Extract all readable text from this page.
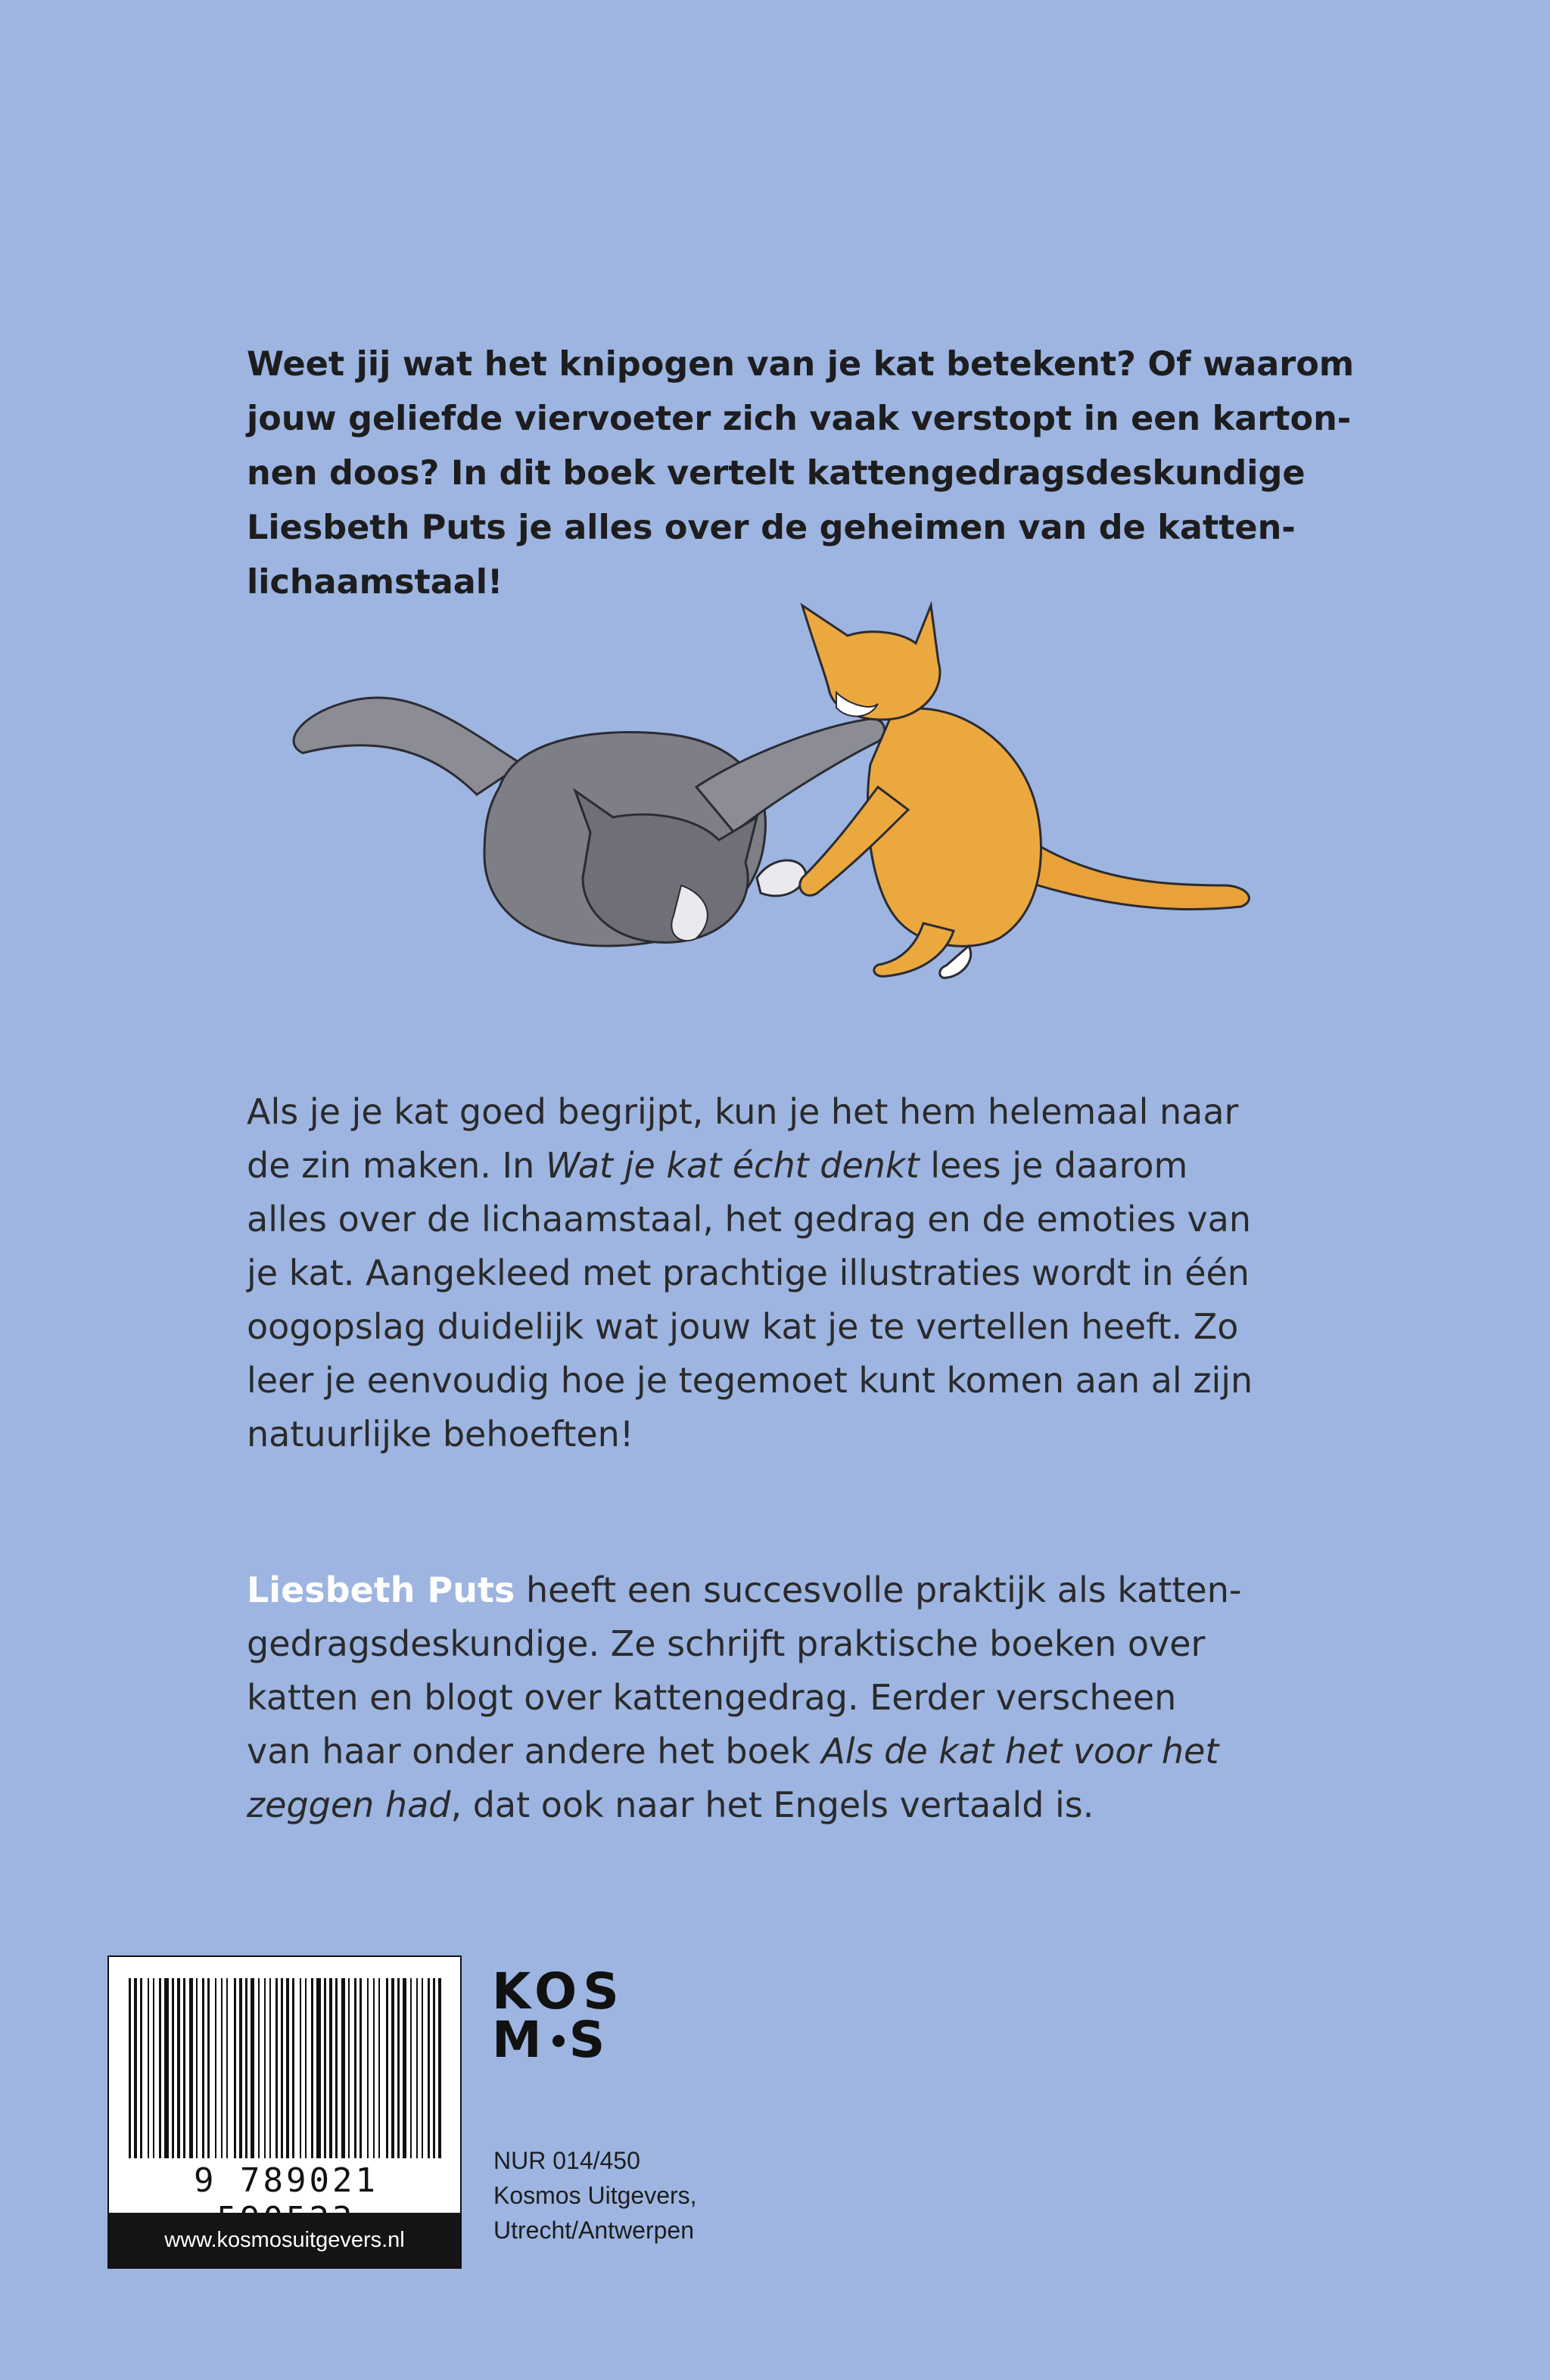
Weet jij wat het knipogen van je kat betekent? Of waarom
jouw geliefde viervoeter zich vaak verstopt in een karton-
nen doos? In dit boek vertelt kattengedragsdeskundige
Liesbeth Puts je alles over de geheimen van de katten-
lichaamstaal!

Als je je kat goed begrijpt, kun je het hem helemaal naar
de zin maken. In Wat je kat écht denkt lees je daarom
alles over de lichaamstaal, het gedrag en de emoties van
je kat. Aangekleed met prachtige illustraties wordt in één
oogopslag duidelijk wat jouw kat je te vertellen heeft. Zo
leer je eenvoudig hoe je tegemoet kunt komen aan al zijn
natuurlijke behoeften!

Liesbeth Puts heeft een succesvolle praktijk als katten-
gedragsdeskundige. Ze schrijft praktische boeken over
katten en blogt over kattengedrag. Eerder verscheen
van haar onder andere het boek Als de kat het voor het
zeggen had, dat ook naar het Engels vertaald is.

9 789021
www.kosmosuitgevers.nl
KOS
M S
NUR 014/450
Kosmos Uitgevers,
Utrecht/Antwerpen
